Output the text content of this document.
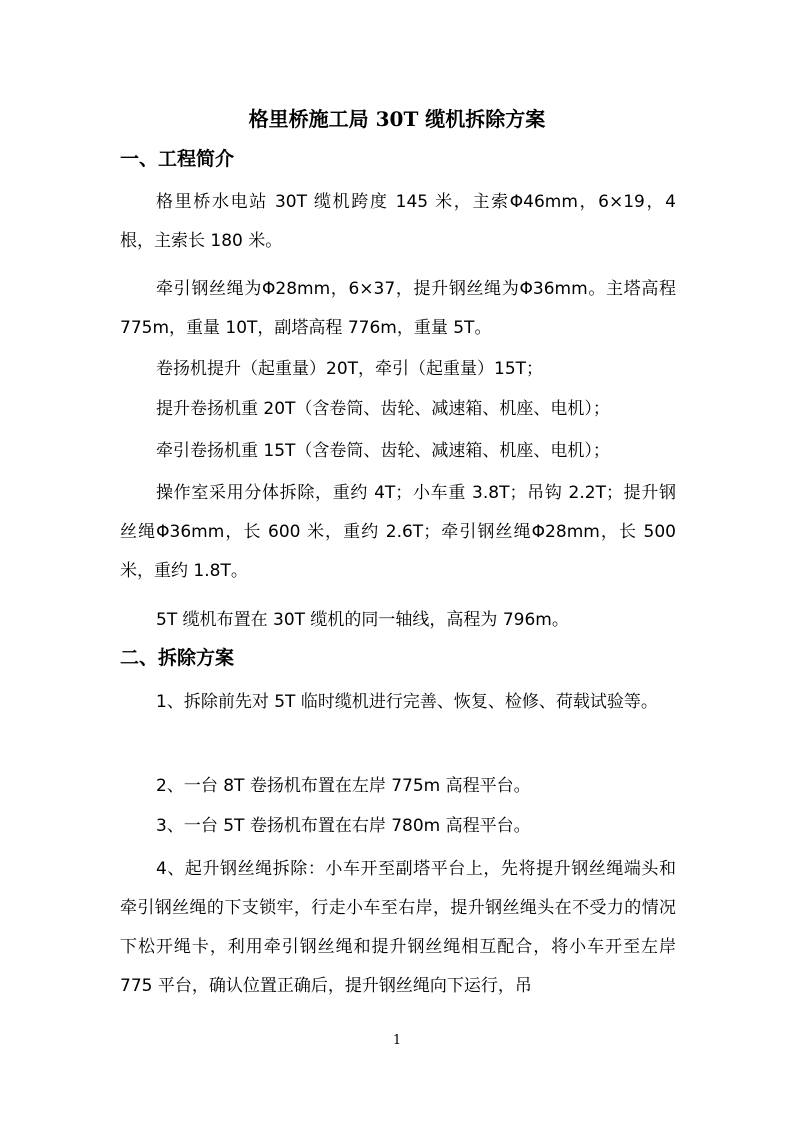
格里桥施工局 30T 缆机拆除方案
一、工程简介

格里桥水电站 30T 缆机跨度 145 米，主索Φ46mm，6×19，4 根，主索长 180 米。

牵引钢丝绳为Φ28mm，6×37，提升钢丝绳为Φ36mm。主塔高程 775m，重量 10T，副塔高程 776m，重量 5T。

卷扬机提升（起重量）20T，牵引（起重量）15T；

提升卷扬机重 20T（含卷筒、齿轮、减速箱、机座、电机）；

牵引卷扬机重 15T（含卷筒、齿轮、减速箱、机座、电机）；

操作室采用分体拆除，重约 4T；小车重 3.8T；吊钩 2.2T；提升钢丝绳Φ36mm，长 600 米，重约 2.6T；牵引钢丝绳Φ28mm，长 500 米，重约 1.8T。

5T 缆机布置在 30T 缆机的同一轴线，高程为 796m。

二、拆除方案

1、拆除前先对 5T 临时缆机进行完善、恢复、检修、荷载试验等。

2、一台 8T 卷扬机布置在左岸 775m 高程平台。

3、一台 5T 卷扬机布置在右岸 780m 高程平台。

4、起升钢丝绳拆除：小车开至副塔平台上，先将提升钢丝绳端头和牵引钢丝绳的下支锁牢，行走小车至右岸，提升钢丝绳头在不受力的情况下松开绳卡，利用牵引钢丝绳和提升钢丝绳相互配合，将小车开至左岸 775 平台，确认位置正确后，提升钢丝绳向下运行，吊

1
